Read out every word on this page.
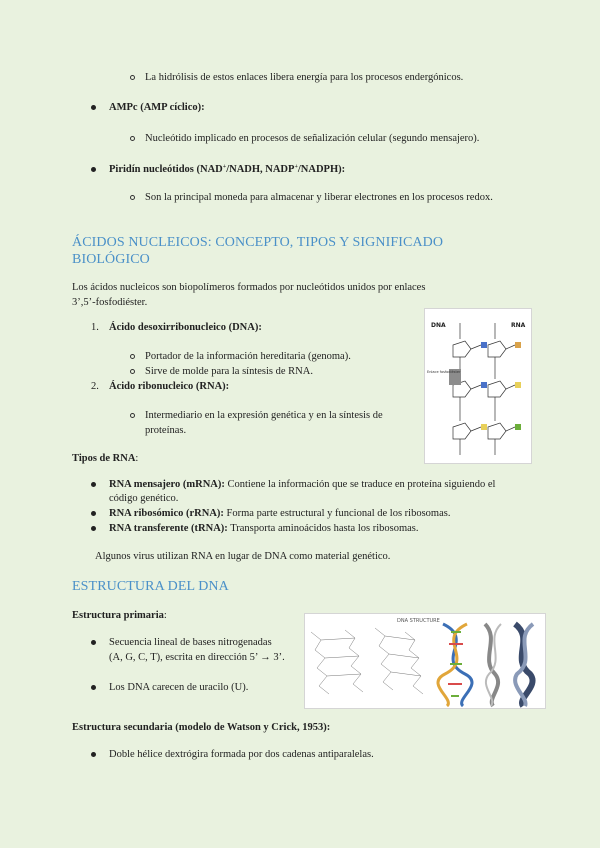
La hidrólisis de estos enlaces libera energía para los procesos endergónicos.
AMPc (AMP cíclico):
Nucleótido implicado en procesos de señalización celular (segundo mensajero).
Piridín nucleótidos (NAD+/NADH, NADP+/NADPH):
Son la principal moneda para almacenar y liberar electrones en los procesos redox.
ÁCIDOS NUCLEICOS: CONCEPTO, TIPOS Y SIGNIFICADO
BIOLÓGICO
Los ácidos nucleicos son biopolímeros formados por nucleótidos unidos por enlaces
3’,5’-fosfodiéster.
1. Ácido desoxirribonucleico (DNA):
Portador de la información hereditaria (genoma).
Sirve de molde para la síntesis de RNA.
2. Ácido ribonucleico (RNA):
Intermediario en la expresión genética y en la síntesis de
proteínas.
Tipos de RNA:
RNA mensajero (mRNA): Contiene la información que se traduce en proteína siguiendo el
código genético.
RNA ribosómico (rRNA): Forma parte estructural y funcional de los ribosomas.
RNA transferente (tRNA): Transporta aminoácidos hasta los ribosomas.
Algunos virus utilizan RNA en lugar de DNA como material genético.
DNA	RNA
Enlace fosfodiéster
ESTRUCTURA DEL DNA
Estructura primaria:
Secuencia lineal de bases nitrogenadas
(A, G, C, T), escrita en dirección 5’ → 3’.
Los DNA carecen de uracilo (U).
Estructura secundaria (modelo de Watson y Crick, 1953):
Doble hélice dextrógira formada por dos cadenas antiparalelas.
DNA STRUCTURE
